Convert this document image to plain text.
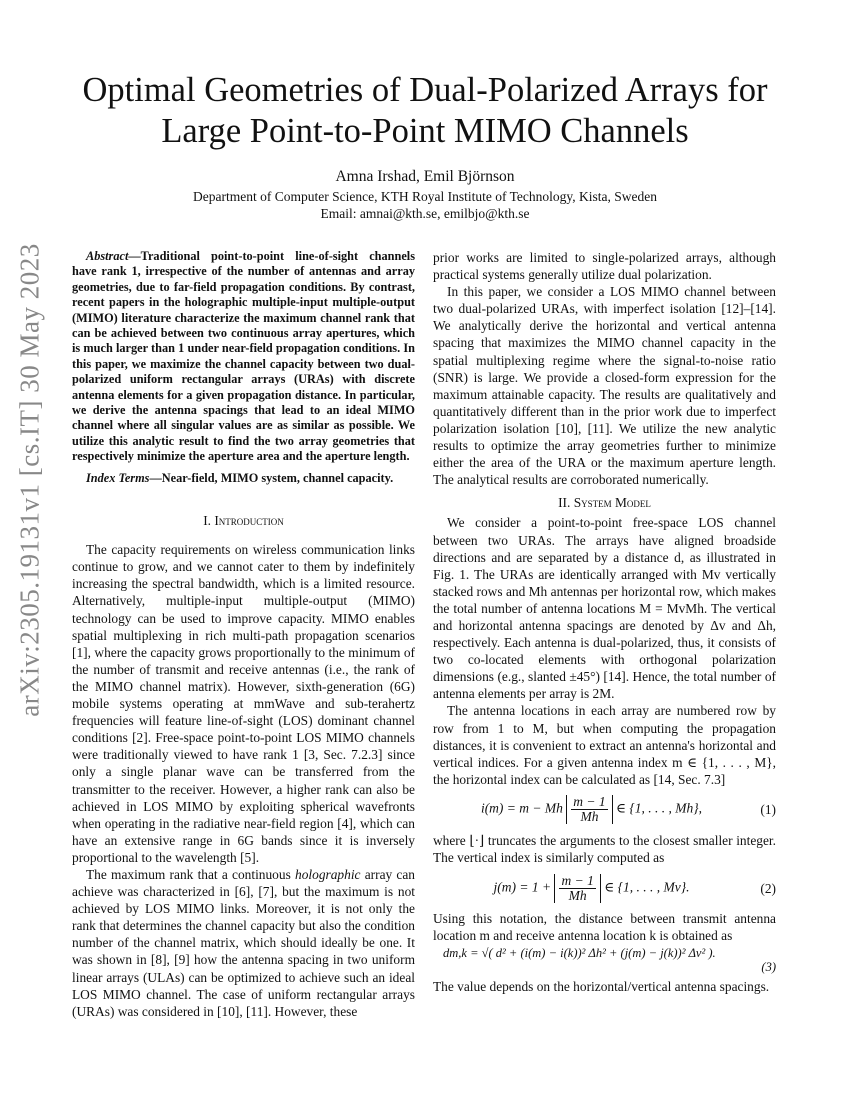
arXiv:2305.19131v1 [cs.IT] 30 May 2023
Optimal Geometries of Dual-Polarized Arrays for
Large Point-to-Point MIMO Channels
Amna Irshad, Emil Björnson
Department of Computer Science, KTH Royal Institute of Technology, Kista, Sweden
Email: amnai@kth.se, emilbjo@kth.se

Abstract—Traditional point-to-point line-of-sight channels have rank 1, irrespective of the number of antennas and array geometries, due to far-field propagation conditions. By contrast, recent papers in the holographic multiple-input multiple-output (MIMO) literature characterize the maximum channel rank that can be achieved between two continuous array apertures, which is much larger than 1 under near-field propagation conditions. In this paper, we maximize the channel capacity between two dual-polarized uniform rectangular arrays (URAs) with discrete antenna elements for a given propagation distance. In particular, we derive the antenna spacings that lead to an ideal MIMO channel where all singular values are as similar as possible. We utilize this analytic result to find the two array geometries that respectively minimize the aperture area and the aperture length.

Index Terms—Near-field, MIMO system, channel capacity.

I. Introduction

The capacity requirements on wireless communication links continue to grow, and we cannot cater to them by indefinitely increasing the spectral bandwidth, which is a limited resource. Alternatively, multiple-input multiple-output (MIMO) technology can be used to improve capacity. MIMO enables spatial multiplexing in rich multi-path propagation scenarios [1], where the capacity grows proportionally to the minimum of the number of transmit and receive antennas (i.e., the rank of the MIMO channel matrix). However, sixth-generation (6G) mobile systems operating at mmWave and sub-terahertz frequencies will feature line-of-sight (LOS) dominant channel conditions [2]. Free-space point-to-point LOS MIMO channels were traditionally viewed to have rank 1 [3, Sec. 7.2.3] since only a single planar wave can be transferred from the transmitter to the receiver. However, a higher rank can also be achieved in LOS MIMO by exploiting spherical wavefronts when operating in the radiative near-field region [4], which can have an extensive range in 6G bands since it is inversely proportional to the wavelength [5].

The maximum rank that a continuous holographic array can achieve was characterized in [6], [7], but the maximum is not achieved by LOS MIMO links. Moreover, it is not only the rank that determines the channel capacity but also the condition number of the channel matrix, which should ideally be one. It was shown in [8], [9] how the antenna spacing in two uniform linear arrays (ULAs) can be optimized to achieve such an ideal LOS MIMO channel. The case of uniform rectangular arrays (URAs) was considered in [10], [11]. However, these

prior works are limited to single-polarized arrays, although practical systems generally utilize dual polarization.

In this paper, we consider a LOS MIMO channel between two dual-polarized URAs, with imperfect isolation [12]–[14]. We analytically derive the horizontal and vertical antenna spacing that maximizes the MIMO channel capacity in the spatial multiplexing regime where the signal-to-noise ratio (SNR) is large. We provide a closed-form expression for the maximum attainable capacity. The results are qualitatively and quantitatively different than in the prior work due to imperfect polarization isolation [10], [11]. We utilize the new analytic results to optimize the array geometries further to minimize either the area of the URA or the maximum aperture length. The analytical results are corroborated numerically.

II. System Model

We consider a point-to-point free-space LOS channel between two URAs. The arrays have aligned broadside directions and are separated by a distance d, as illustrated in Fig. 1. The URAs are identically arranged with Mv vertically stacked rows and Mh antennas per horizontal row, which makes the total number of antenna locations M = MvMh. The vertical and horizontal antenna spacings are denoted by Δv and Δh, respectively. Each antenna is dual-polarized, thus, it consists of two co-located elements with orthogonal polarization dimensions (e.g., slanted ±45°) [14]. Hence, the total number of antenna elements per array is 2M.

The antenna locations in each array are numbered row by row from 1 to M, but when computing the propagation distances, it is convenient to extract an antenna's horizontal and vertical indices. For a given antenna index m ∈ {1, . . . , M}, the horizontal index can be calculated as [14, Sec. 7.3]

i(m) = m − Mh $\frac{m - 1}{Mh}$ ∈ {1, . . . , Mh},	(1)

where ⌊·⌋ truncates the arguments to the closest smaller integer. The vertical index is similarly computed as

$j(m) = 1 + \frac{m - 1}{Mh}$ ∈ {1, . . . , Mv}.	(2)

Using this notation, the distance between transmit antenna location m and receive antenna location k is obtained as

dm,k = √( d² + (i(m) − i(k))² Δh² + (j(m) − j(k))² Δv² ).
(3)

The value depends on the horizontal/vertical antenna spacings.
